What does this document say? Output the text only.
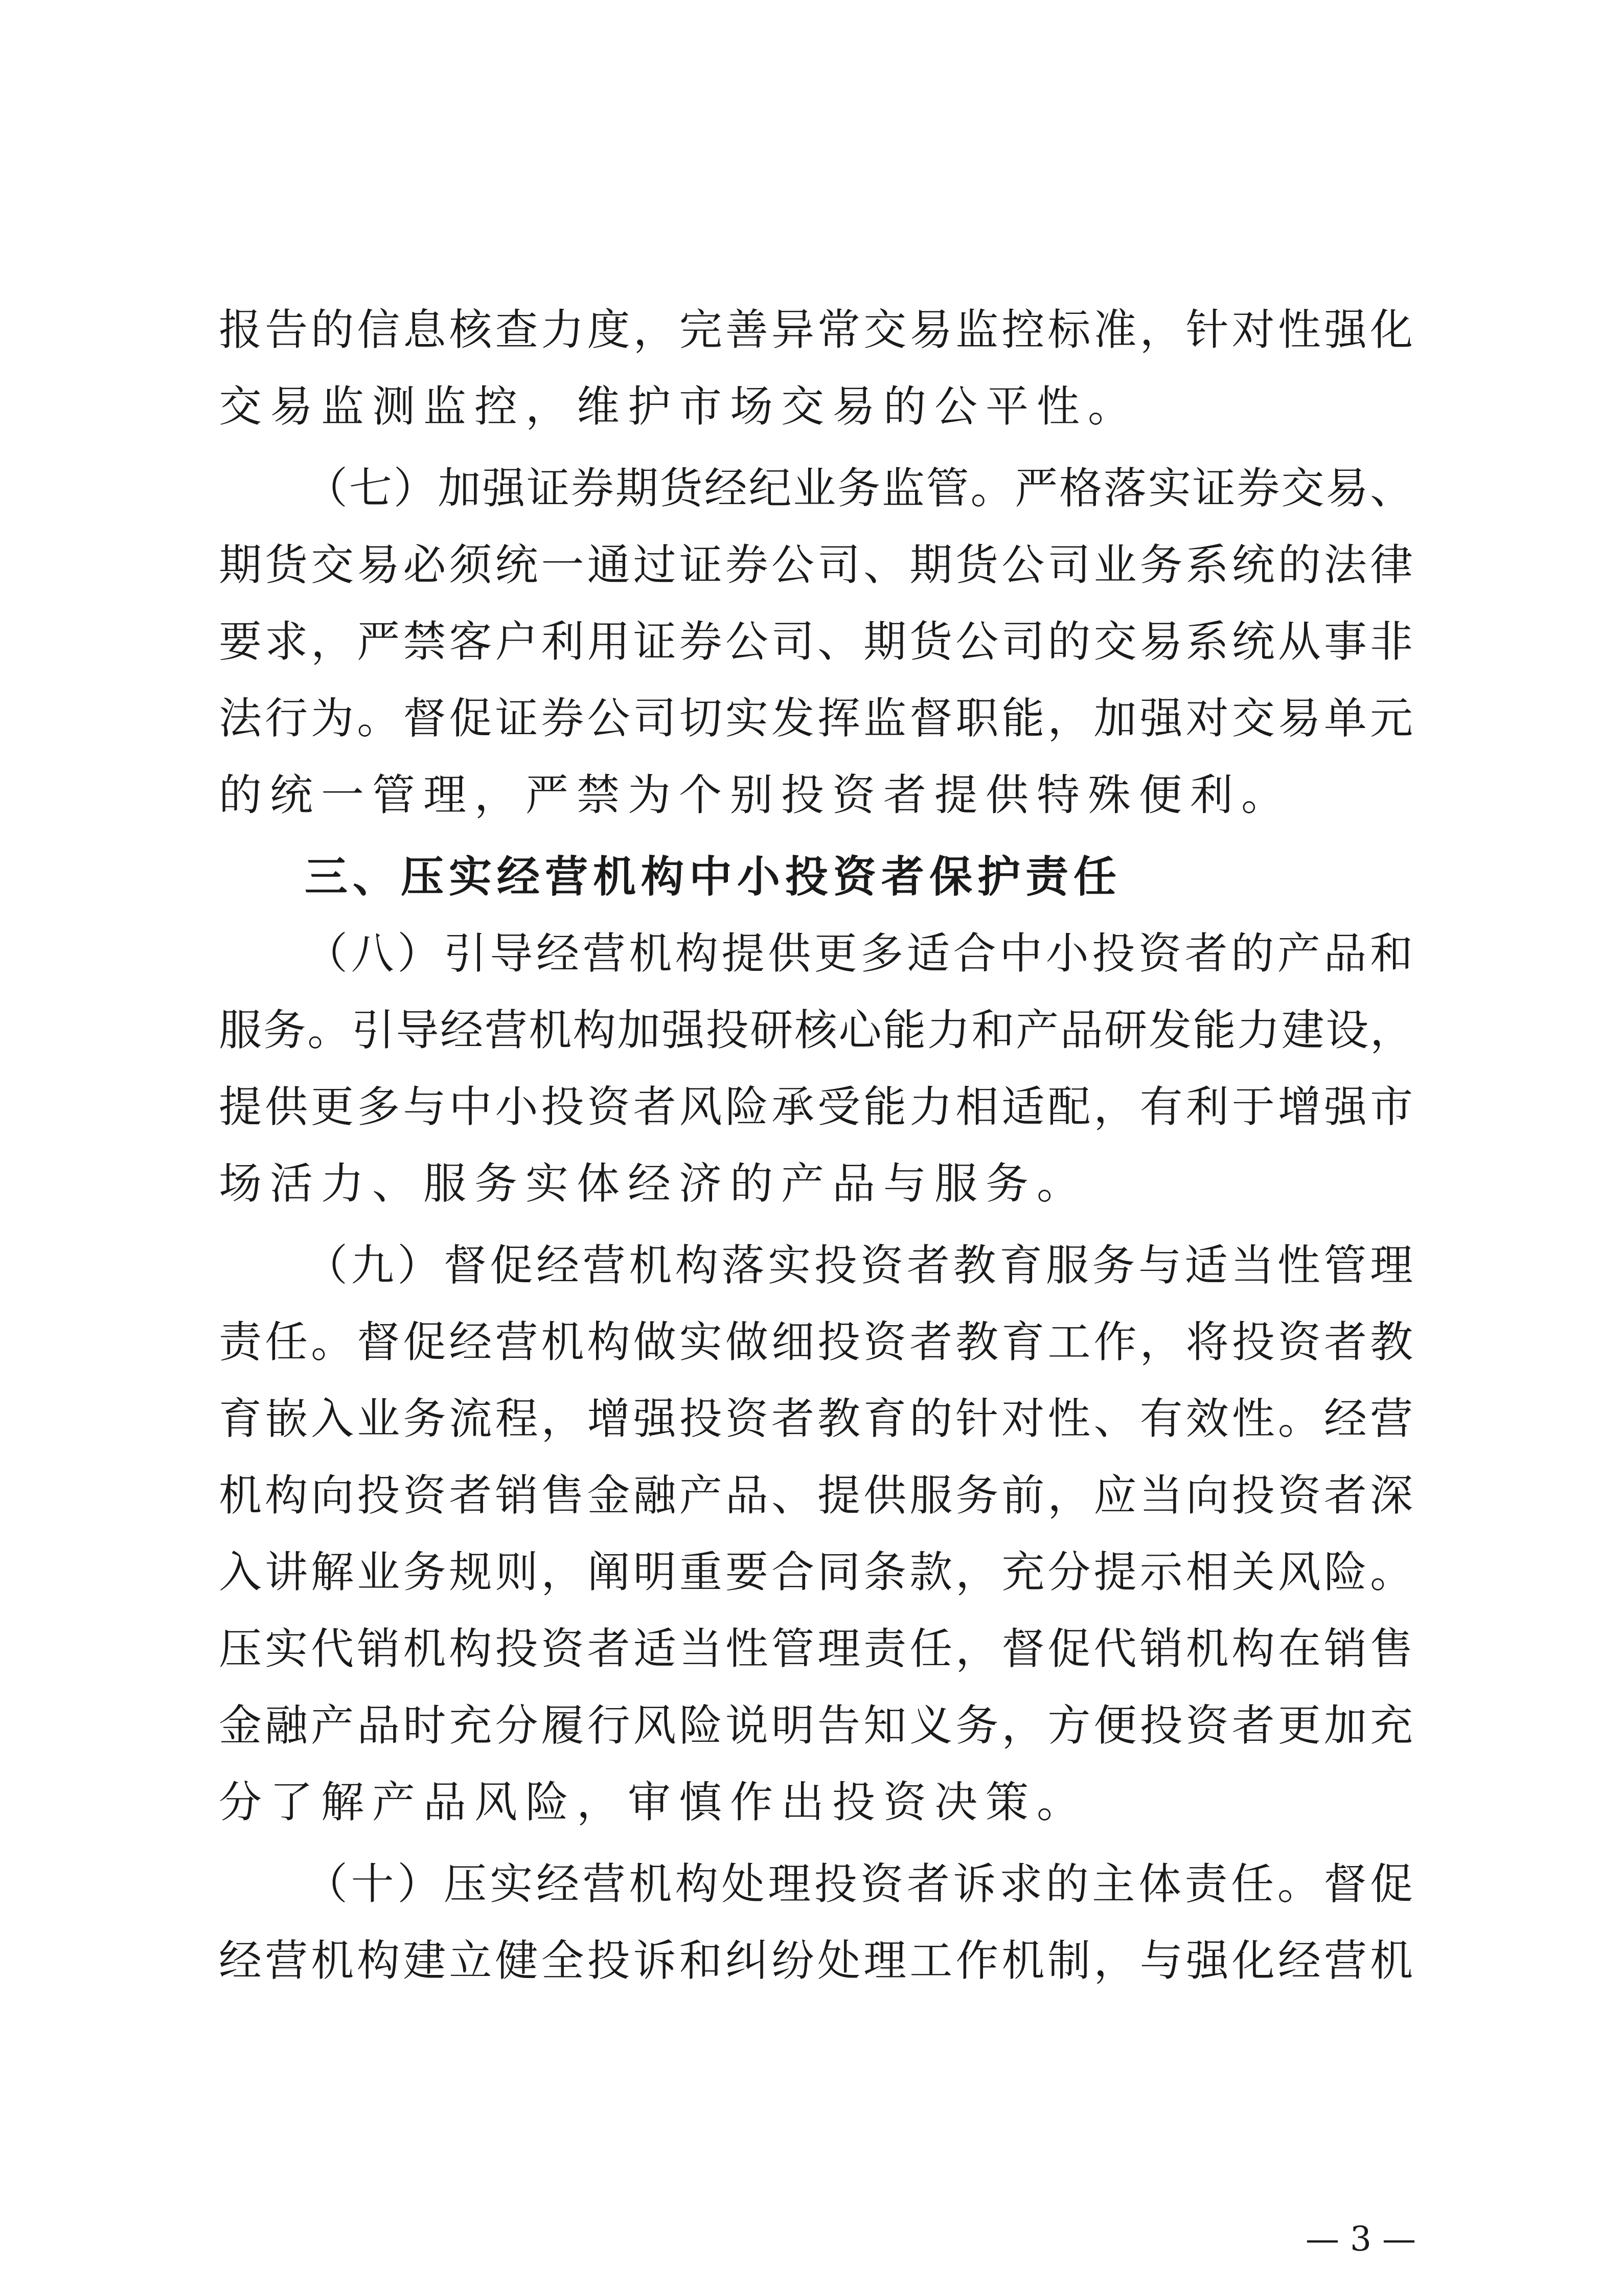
报告的信息核查力度，完善异常交易监控标准，针对性强化
交易监测监控，维护市场交易的公平性。
（七）加强证券期货经纪业务监管。严格落实证券交易、
期货交易必须统一通过证券公司、期货公司业务系统的法律
要求，严禁客户利用证券公司、期货公司的交易系统从事非
法行为。督促证券公司切实发挥监督职能，加强对交易单元
的统一管理，严禁为个别投资者提供特殊便利。
三、压实经营机构中小投资者保护责任
（八）引导经营机构提供更多适合中小投资者的产品和
服务。引导经营机构加强投研核心能力和产品研发能力建设，
提供更多与中小投资者风险承受能力相适配，有利于增强市
场活力、服务实体经济的产品与服务。
（九）督促经营机构落实投资者教育服务与适当性管理
责任。督促经营机构做实做细投资者教育工作，将投资者教
育嵌入业务流程，增强投资者教育的针对性、有效性。经营
机构向投资者销售金融产品、提供服务前，应当向投资者深
入讲解业务规则，阐明重要合同条款，充分提示相关风险。
压实代销机构投资者适当性管理责任，督促代销机构在销售
金融产品时充分履行风险说明告知义务，方便投资者更加充
分了解产品风险，审慎作出投资决策。
（十）压实经营机构处理投资者诉求的主体责任。督促
经营机构建立健全投诉和纠纷处理工作机制，与强化经营机
— 3 —
